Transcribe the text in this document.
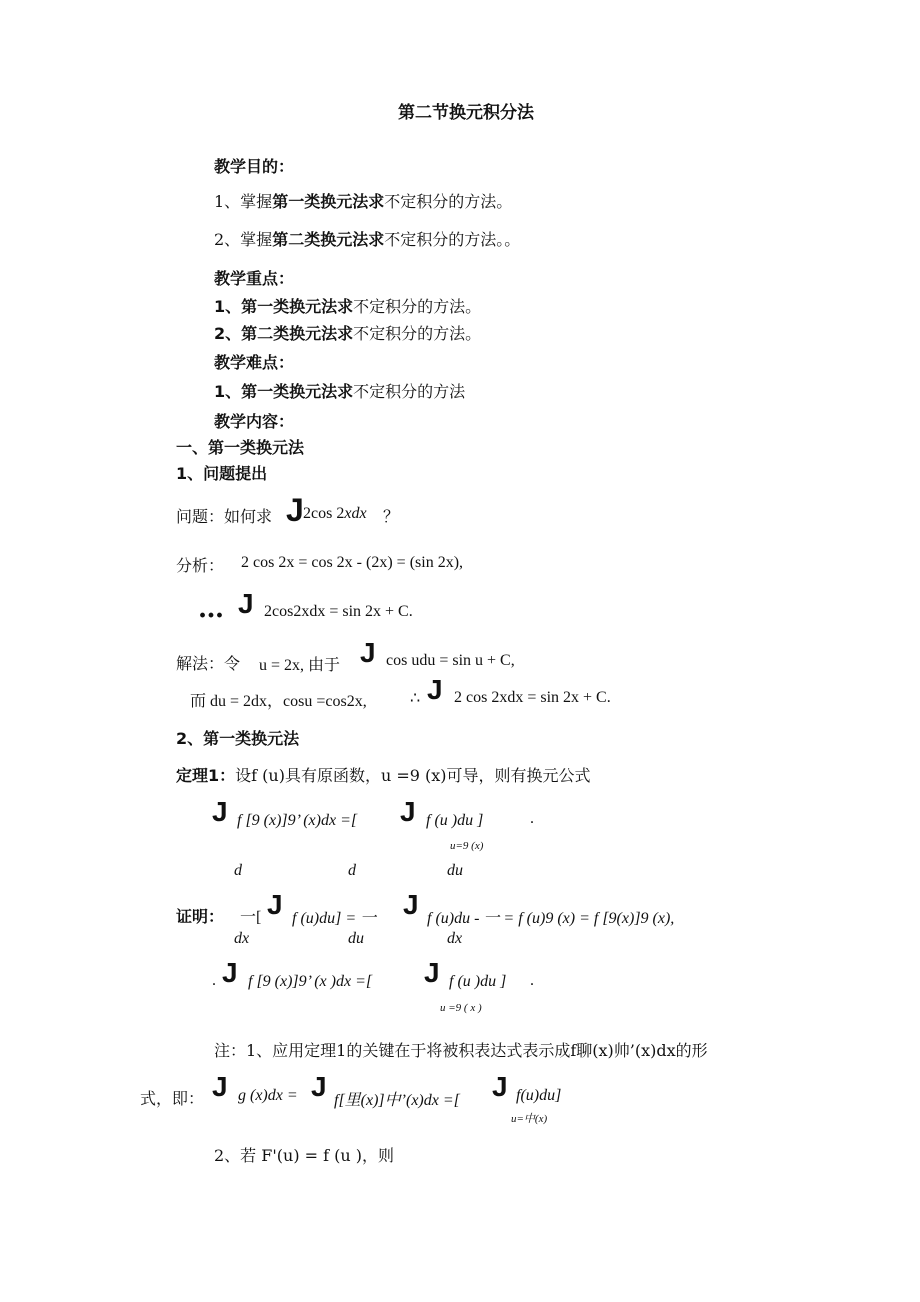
第二节换元积分法
教学目的：
1、掌握第一类换元法求不定积分的方法。
2、掌握第二类换元法求不定积分的方法。。
教学重点：
1、第一类换元法求不定积分的方法。
2、第二类换元法求不定积分的方法。
教学难点：
1、第一类换元法求不定积分的方法
教学内容：
一、第一类换元法
1、问题提出
问题：如何求 J 2cos 2xdx ？
分析： 2 cos 2x = cos 2x - (2x) = (sin 2x),
… J 2cos2xdx = sin 2x + C.
解法：令 u = 2x, 由于 J cos udu = sin u + C,
而 du = 2dx，cosu =cos2x,	∴ J 2 cos 2xdx = sin 2x + C.
2、第一类换元法
定理1：设f (u)具有原函数，u =9 (x)可导，则有换元公式
J f [9 (x)]9’ (x)dx =[ J f (u )du ]	.
u=9 (x)
d	d	du
证明： 一[ J f (u)du] = 一 J f (u)du - 一 = f (u)9 (x) = f [9(x)]9 (x),
dx	du	dx
. J f [9 (x)]9’ (x )dx =[ J f (u )du ] .
u =9 ( x )
注：1、应用定理1的关键在于将被积表达式表示成f聊(x)帅’(x)dx的形
式，即： J g (x)dx = J f[里(x)]中’(x)dx =[ J f(u)du]
u=中(x)
2、若 F'(u) = f (u )，则
